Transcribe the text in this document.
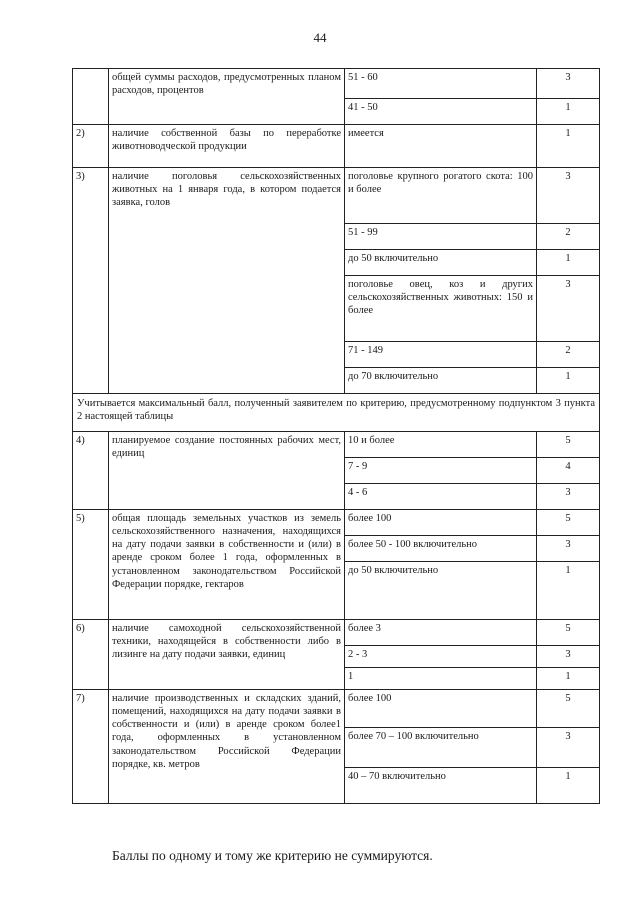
44
	общей суммы расходов, предусмотренных планом расходов, процентов	51 - 60	3
		41 - 50	1
2)	наличие собственной базы по переработке животноводческой продукции	имеется	1
3)	наличие поголовья сельскохозяйственных животных на 1 января года, в котором подается заявка, голов	поголовье крупного рогатого скота: 100 и более	3
		51 - 99	2
		до 50 включительно	1
		поголовье овец, коз и других сельскохозяйственных животных: 150 и более	3
		71 - 149	2
		до 70 включительно	1
Учитывается максимальный балл, полученный заявителем по критерию, предусмотренному подпунктом 3 пункта 2 настоящей таблицы			
4)	планируемое создание постоянных рабочих мест, единиц	10 и более	5
		7 - 9	4
		4 - 6	3
5)	общая площадь земельных участков из земель сельскохозяйственного назначения, находящихся на дату подачи заявки в собственности и (или) в аренде сроком более 1 года, оформленных в установленном законодательством Российской Федерации порядке, гектаров	более 100	5
		более 50 - 100 включительно	3
		до 50 включительно	1
6)	наличие самоходной сельскохозяйственной техники, находящейся в собственности либо в лизинге на дату подачи заявки, единиц	более 3	5
		2 - 3	3
		1	1
7)	наличие производственных и складских зданий, помещений, находящихся на дату подачи заявки в собственности и (или) в аренде сроком более1 года, оформленных в установленном законодательством Российской Федерации порядке, кв. метров	более 100	5
		более 70 – 100 включительно	3
		40 – 70 включительно	1
Баллы по одному и тому же критерию не суммируются.
